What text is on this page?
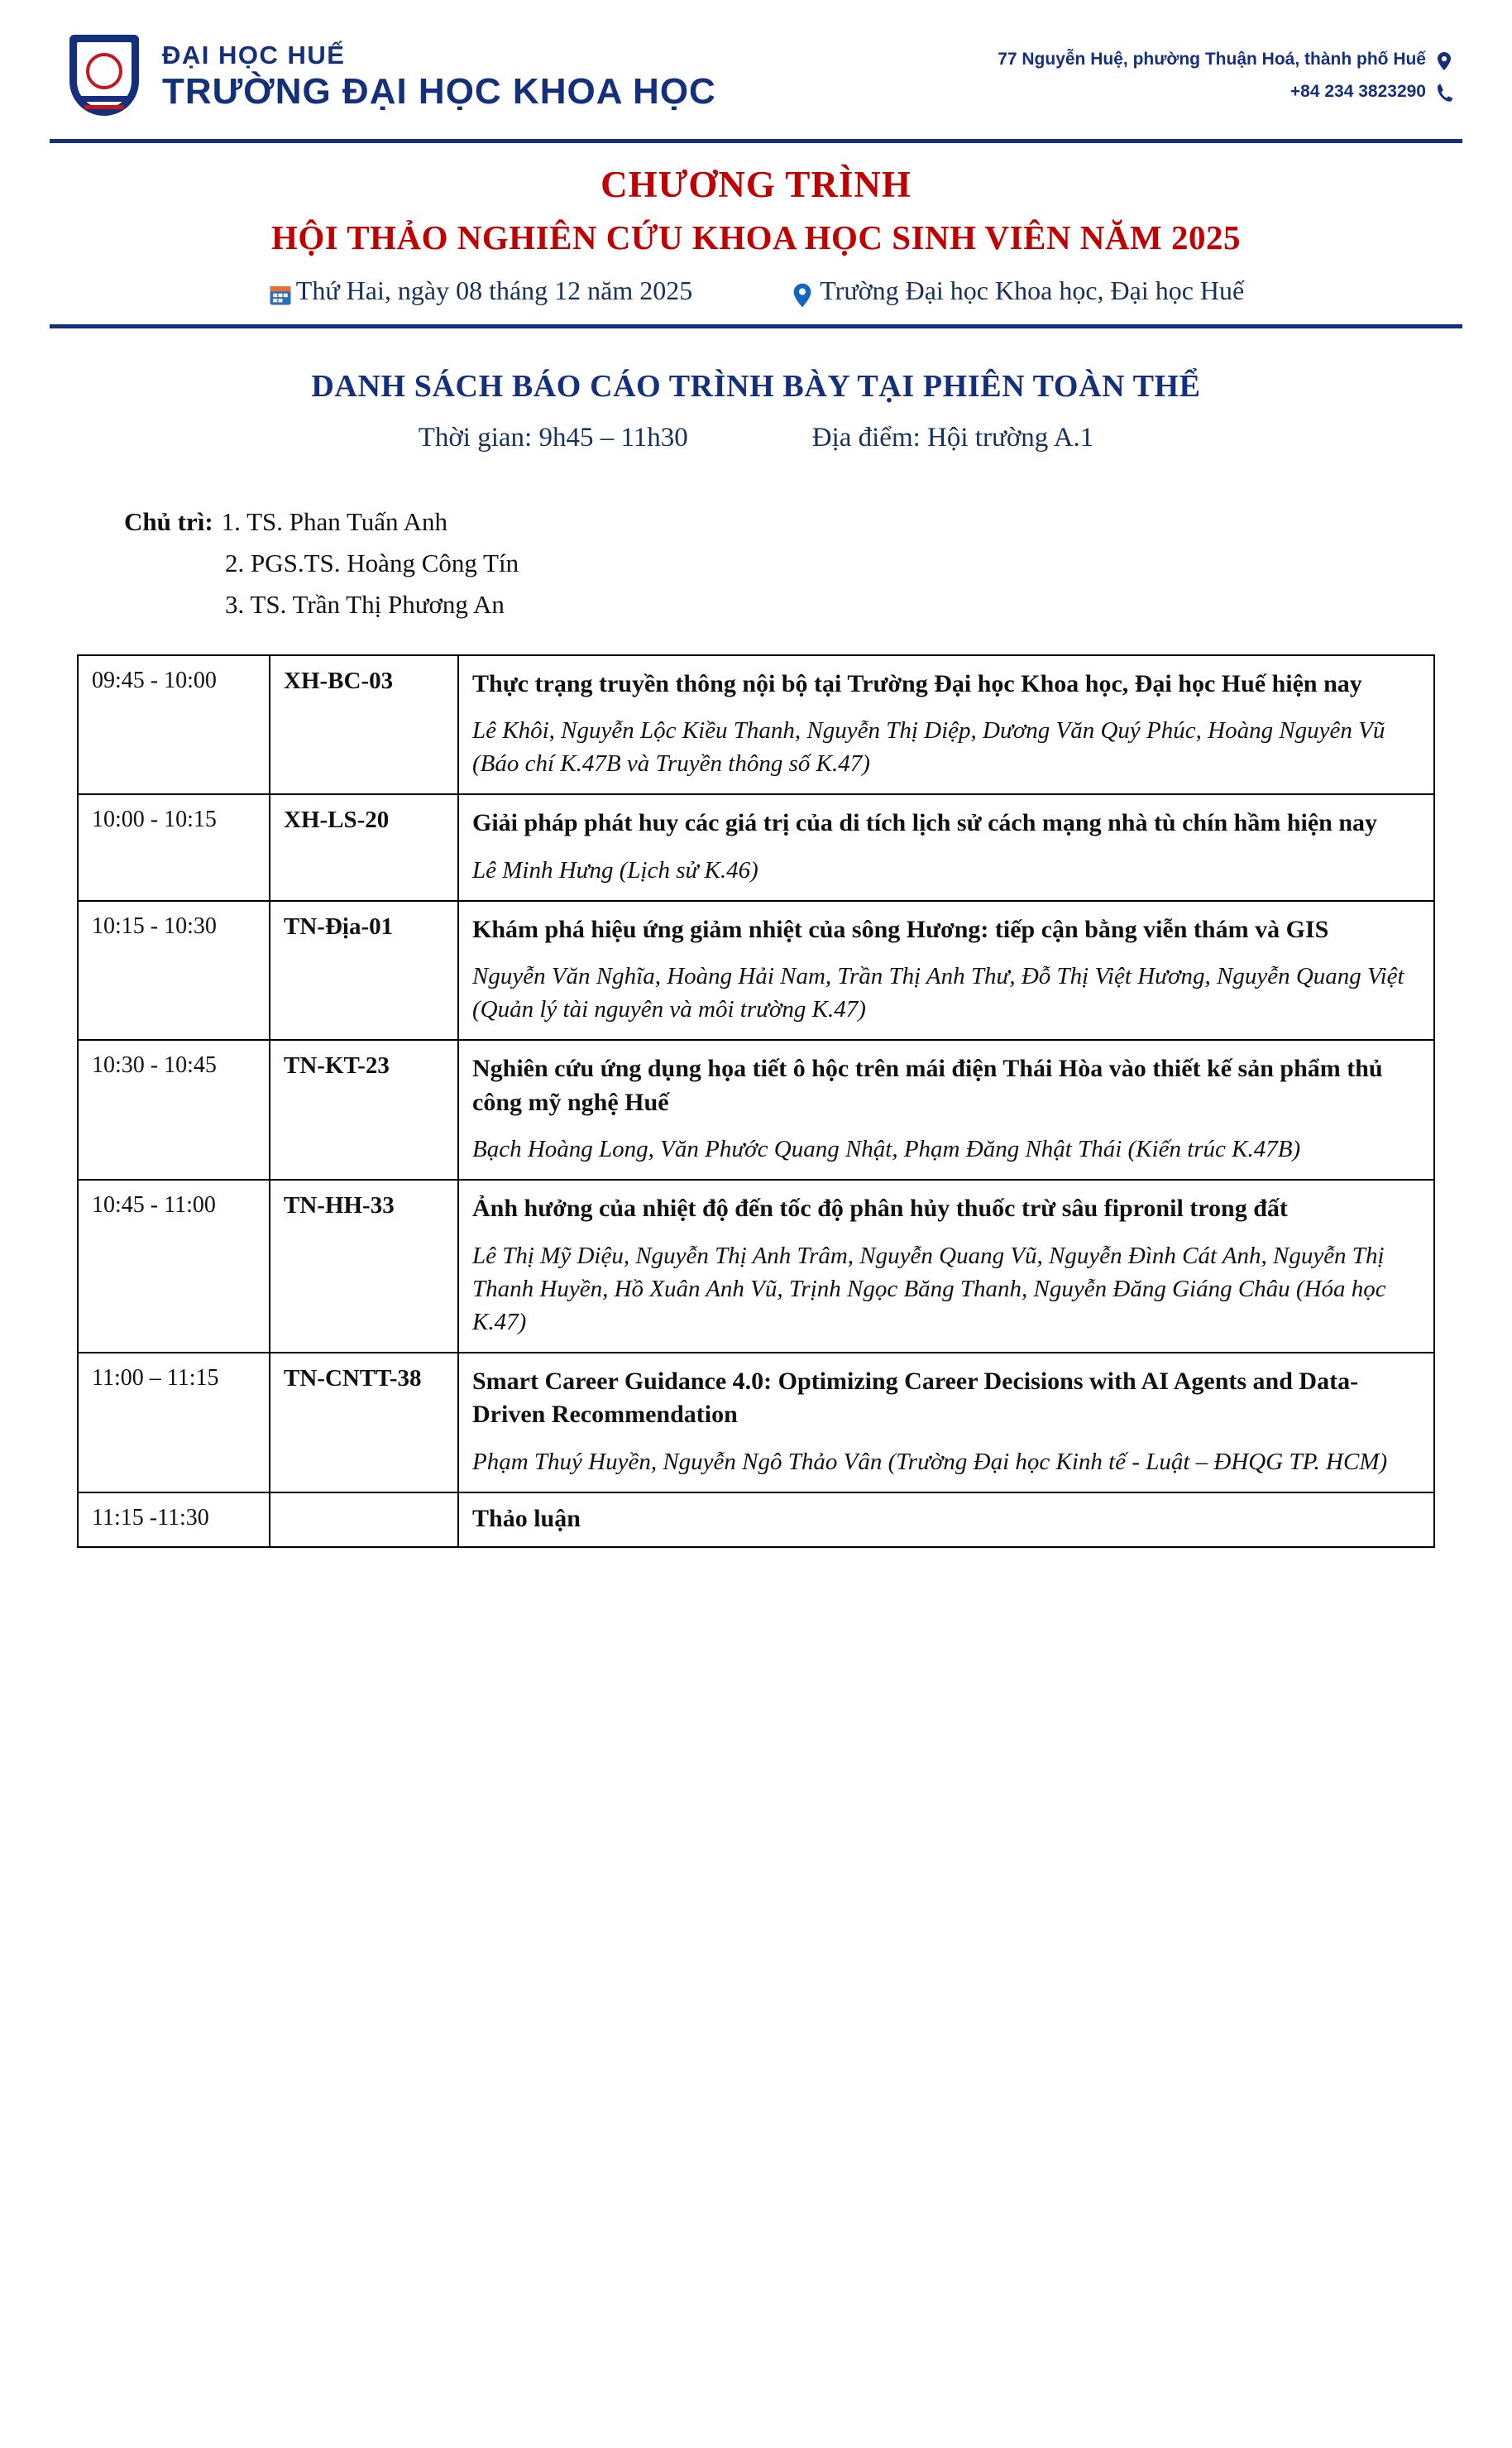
ĐẠI HỌC HUẾ
TRƯỜNG ĐẠI HỌC KHOA HỌC
77 Nguyễn Huệ, phường Thuận Hoá, thành phố Huế
+84 234 3823290
CHƯƠNG TRÌNH
HỘI THẢO NGHIÊN CỨU KHOA HỌC SINH VIÊN NĂM 2025
Thứ Hai, ngày 08 tháng 12 năm 2025	Trường Đại học Khoa học, Đại học Huế
DANH SÁCH BÁO CÁO TRÌNH BÀY TẠI PHIÊN TOÀN THỂ
Thời gian: 9h45 – 11h30	Địa điểm: Hội trường A.1
Chủ trì: 1. TS. Phan Tuấn Anh
2. PGS.TS. Hoàng Công Tín
3. TS. Trần Thị Phương An
09:45 - 10:00	XH-BC-03	Thực trạng truyền thông nội bộ tại Trường Đại học Khoa học, Đại học Huế hiện nay
Lê Khôi, Nguyễn Lộc Kiều Thanh, Nguyễn Thị Diệp, Dương Văn Quý Phúc, Hoàng Nguyên Vũ (Báo chí K.47B và Truyền thông số K.47)

10:00 - 10:15	XH-LS-20	Giải pháp phát huy các giá trị của di tích lịch sử cách mạng nhà tù chín hầm hiện nay
Lê Minh Hưng (Lịch sử K.46)

10:15 - 10:30	TN-Địa-01	Khám phá hiệu ứng giảm nhiệt của sông Hương: tiếp cận bằng viễn thám và GIS
Nguyễn Văn Nghĩa, Hoàng Hải Nam, Trần Thị Anh Thư, Đỗ Thị Việt Hương, Nguyễn Quang Việt (Quản lý tài nguyên và môi trường K.47)

10:30 - 10:45	TN-KT-23	Nghiên cứu ứng dụng họa tiết ô hộc trên mái điện Thái Hòa vào thiết kế sản phẩm thủ công mỹ nghệ Huế
Bạch Hoàng Long, Văn Phước Quang Nhật, Phạm Đăng Nhật Thái (Kiến trúc K.47B)

10:45 - 11:00	TN-HH-33	Ảnh hưởng của nhiệt độ đến tốc độ phân hủy thuốc trừ sâu fipronil trong đất
Lê Thị Mỹ Diệu, Nguyễn Thị Anh Trâm, Nguyễn Quang Vũ, Nguyễn Đình Cát Anh, Nguyễn Thị Thanh Huyền, Hồ Xuân Anh Vũ, Trịnh Ngọc Băng Thanh, Nguyễn Đăng Giáng Châu (Hóa học K.47)

11:00 – 11:15	TN-CNTT-38	Smart Career Guidance 4.0: Optimizing Career Decisions with AI Agents and Data-Driven Recommendation
Phạm Thuý Huyền, Nguyễn Ngô Thảo Vân (Trường Đại học Kinh tế - Luật – ĐHQG TP. HCM)

11:15 -11:30		Thảo luận
